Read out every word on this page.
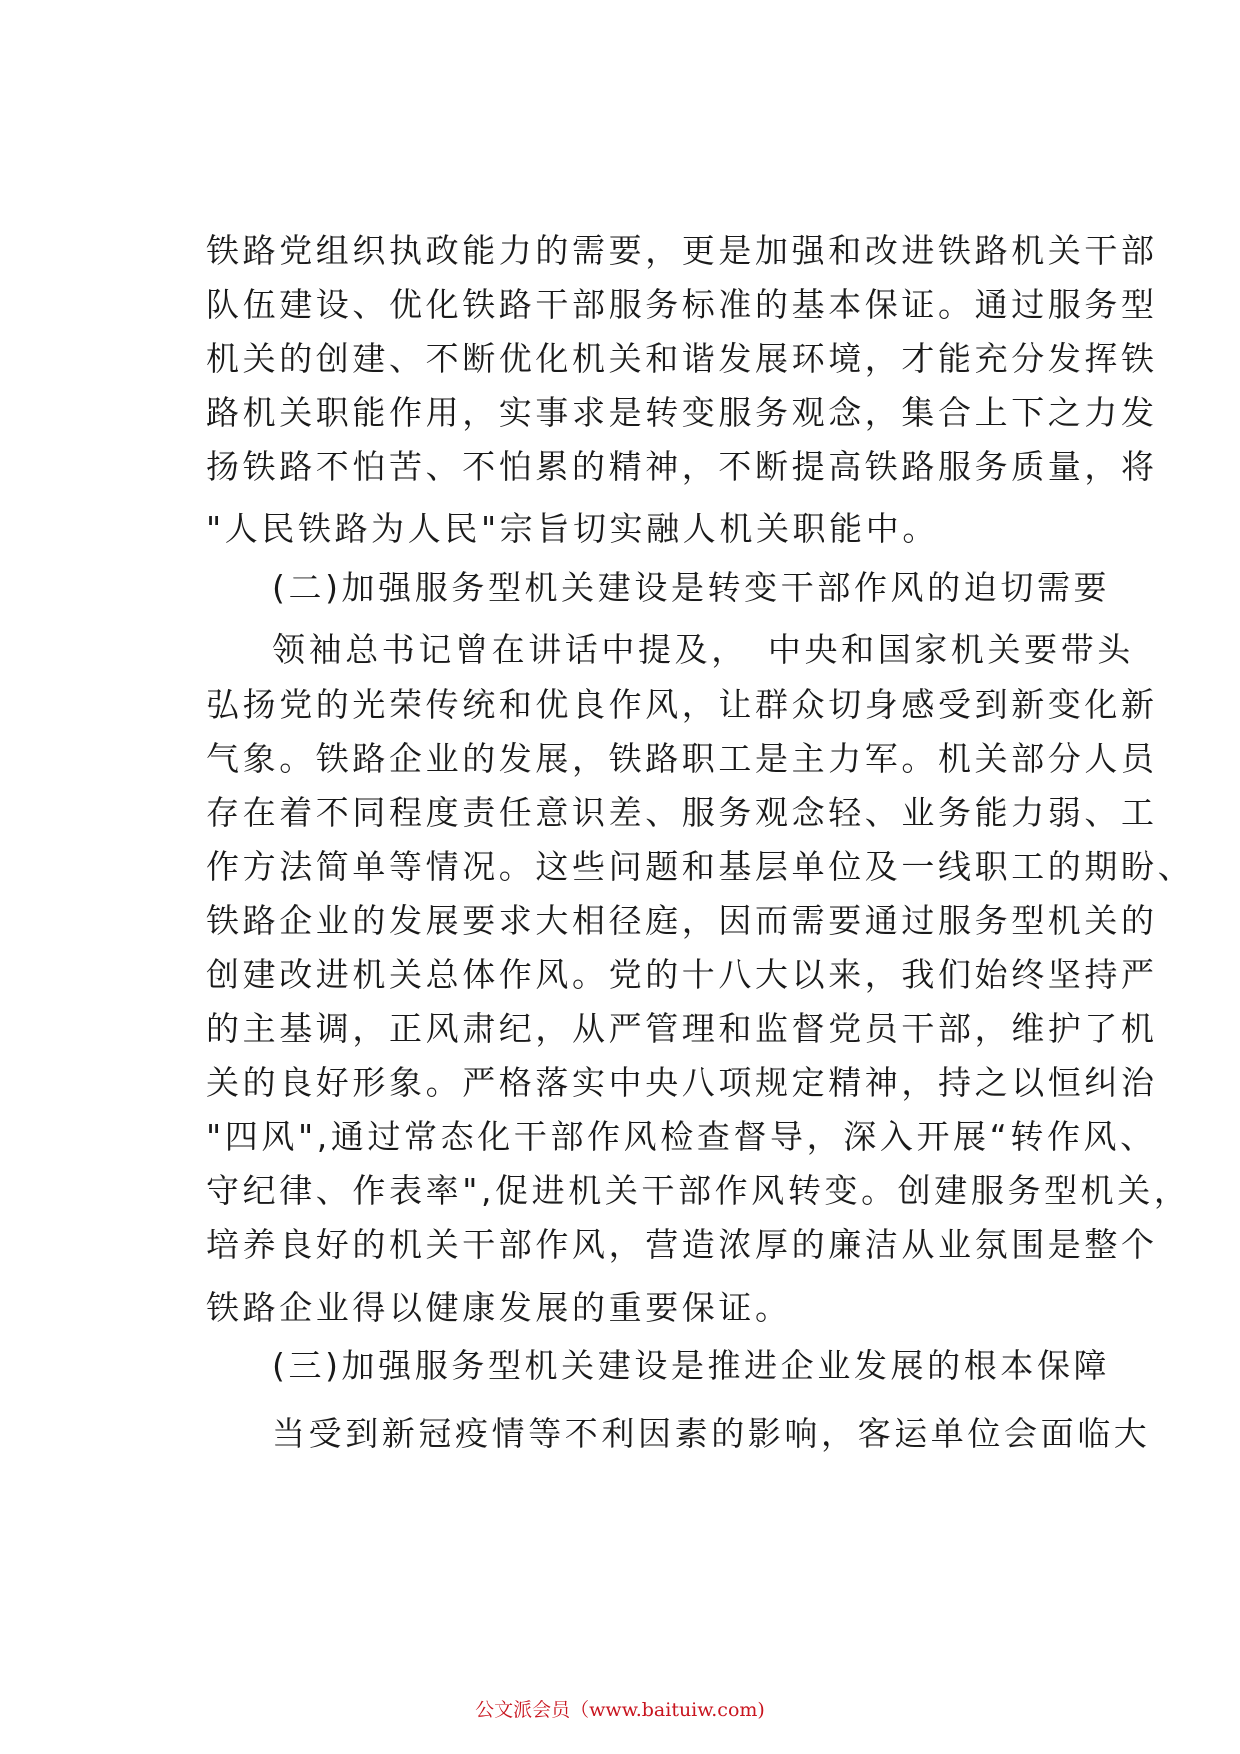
铁路党组织执政能力的需要，更是加强和改进铁路机关干部
队伍建设、优化铁路干部服务标准的基本保证。通过服务型
机关的创建、不断优化机关和谐发展环境，才能充分发挥铁
路机关职能作用，实事求是转变服务观念，集合上下之力发
扬铁路不怕苦、不怕累的精神，不断提高铁路服务质量，将
"人民铁路为人民"宗旨切实融人机关职能中。
(二)加强服务型机关建设是转变干部作风的迫切需要
领袖总书记曾在讲话中提及，　中央和国家机关要带头
弘扬党的光荣传统和优良作风，让群众切身感受到新变化新
气象。铁路企业的发展，铁路职工是主力军。机关部分人员
存在着不同程度责任意识差、服务观念轻、业务能力弱、工
作方法简单等情况。这些问题和基层单位及一线职工的期盼、
铁路企业的发展要求大相径庭，因而需要通过服务型机关的
创建改进机关总体作风。党的十八大以来，我们始终坚持严
的主基调，正风肃纪，从严管理和监督党员干部，维护了机
关的良好形象。严格落实中央八项规定精神，持之以恒纠治
"四风",通过常态化干部作风检查督导，深入开展“转作风、
守纪律、作表率",促进机关干部作风转变。创建服务型机关，
培养良好的机关干部作风，营造浓厚的廉洁从业氛围是整个
铁路企业得以健康发展的重要保证。
(三)加强服务型机关建设是推进企业发展的根本保障
当受到新冠疫情等不利因素的影响，客运单位会面临大
公文派会员（www.baituiw.com)
